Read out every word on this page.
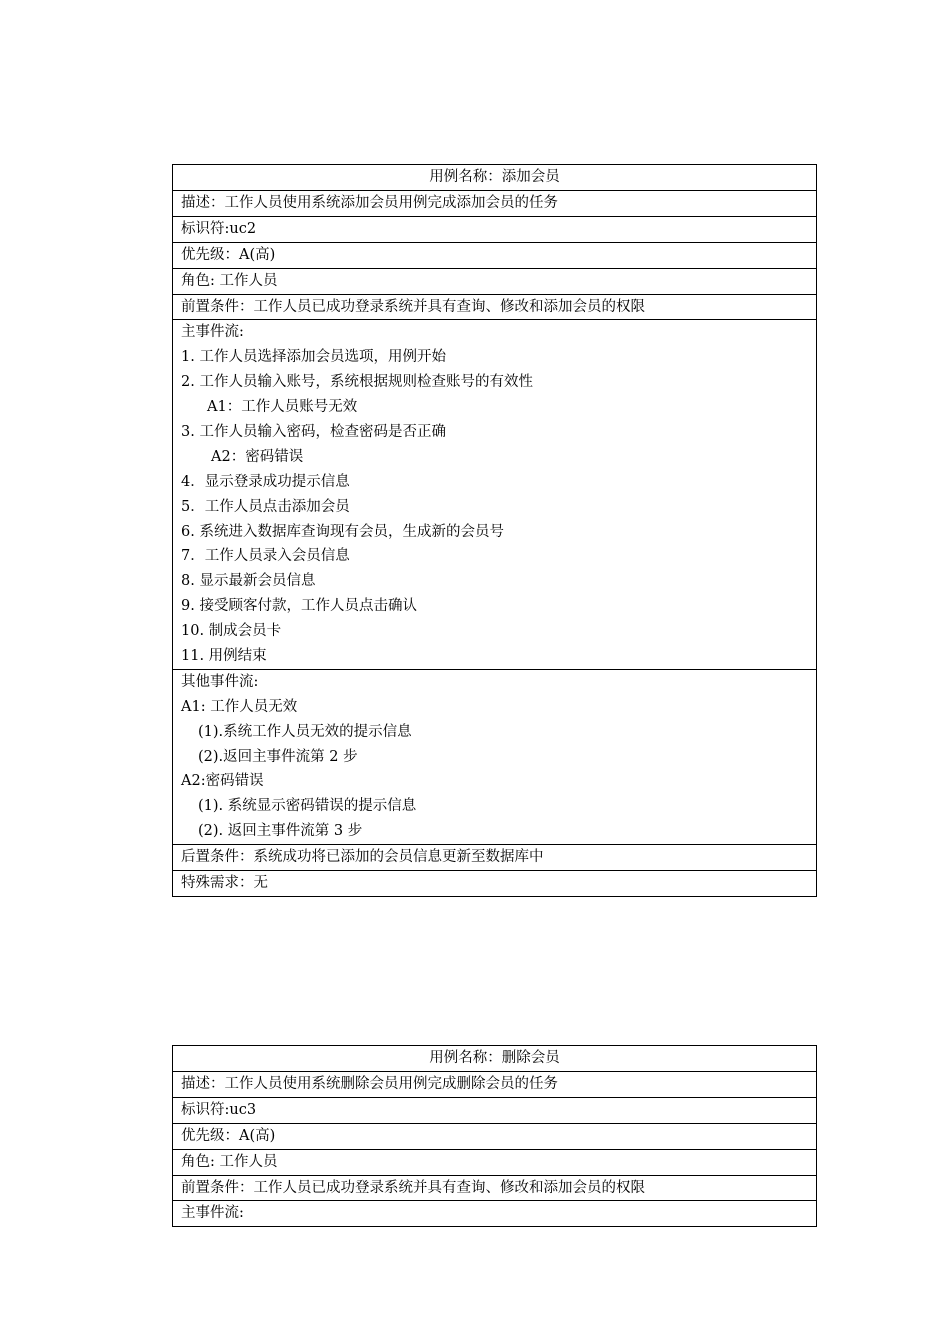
用例名称：添加会员
描述：工作人员使用系统添加会员用例完成添加会员的任务
标识符:uc2
优先级：A(高)
角色: 工作人员
前置条件：工作人员已成功登录系统并具有查询、修改和添加会员的权限

主事件流:
1. 工作人员选择添加会员选项，用例开始
2. 工作人员输入账号，系统根据规则检查账号的有效性
A1：工作人员账号无效
3. 工作人员输入密码，检查密码是否正确
A2：密码错误
4．显示登录成功提示信息
5．工作人员点击添加会员
6. 系统进入数据库查询现有会员，生成新的会员号
7．工作人员录入会员信息
8. 显示最新会员信息
9. 接受顾客付款，工作人员点击确认
10. 制成会员卡
11. 用例结束

其他事件流:
A1: 工作人员无效
(1).系统工作人员无效的提示信息
(2).返回主事件流第 2 步
A2:密码错误
(1). 系统显示密码错误的提示信息
(2). 返回主事件流第 3 步

后置条件：系统成功将已添加的会员信息更新至数据库中
特殊需求：无
用例名称：删除会员
描述：工作人员使用系统删除会员用例完成删除会员的任务
标识符:uc3
优先级：A(高)
角色: 工作人员
前置条件：工作人员已成功登录系统并具有查询、修改和添加会员的权限
主事件流:
